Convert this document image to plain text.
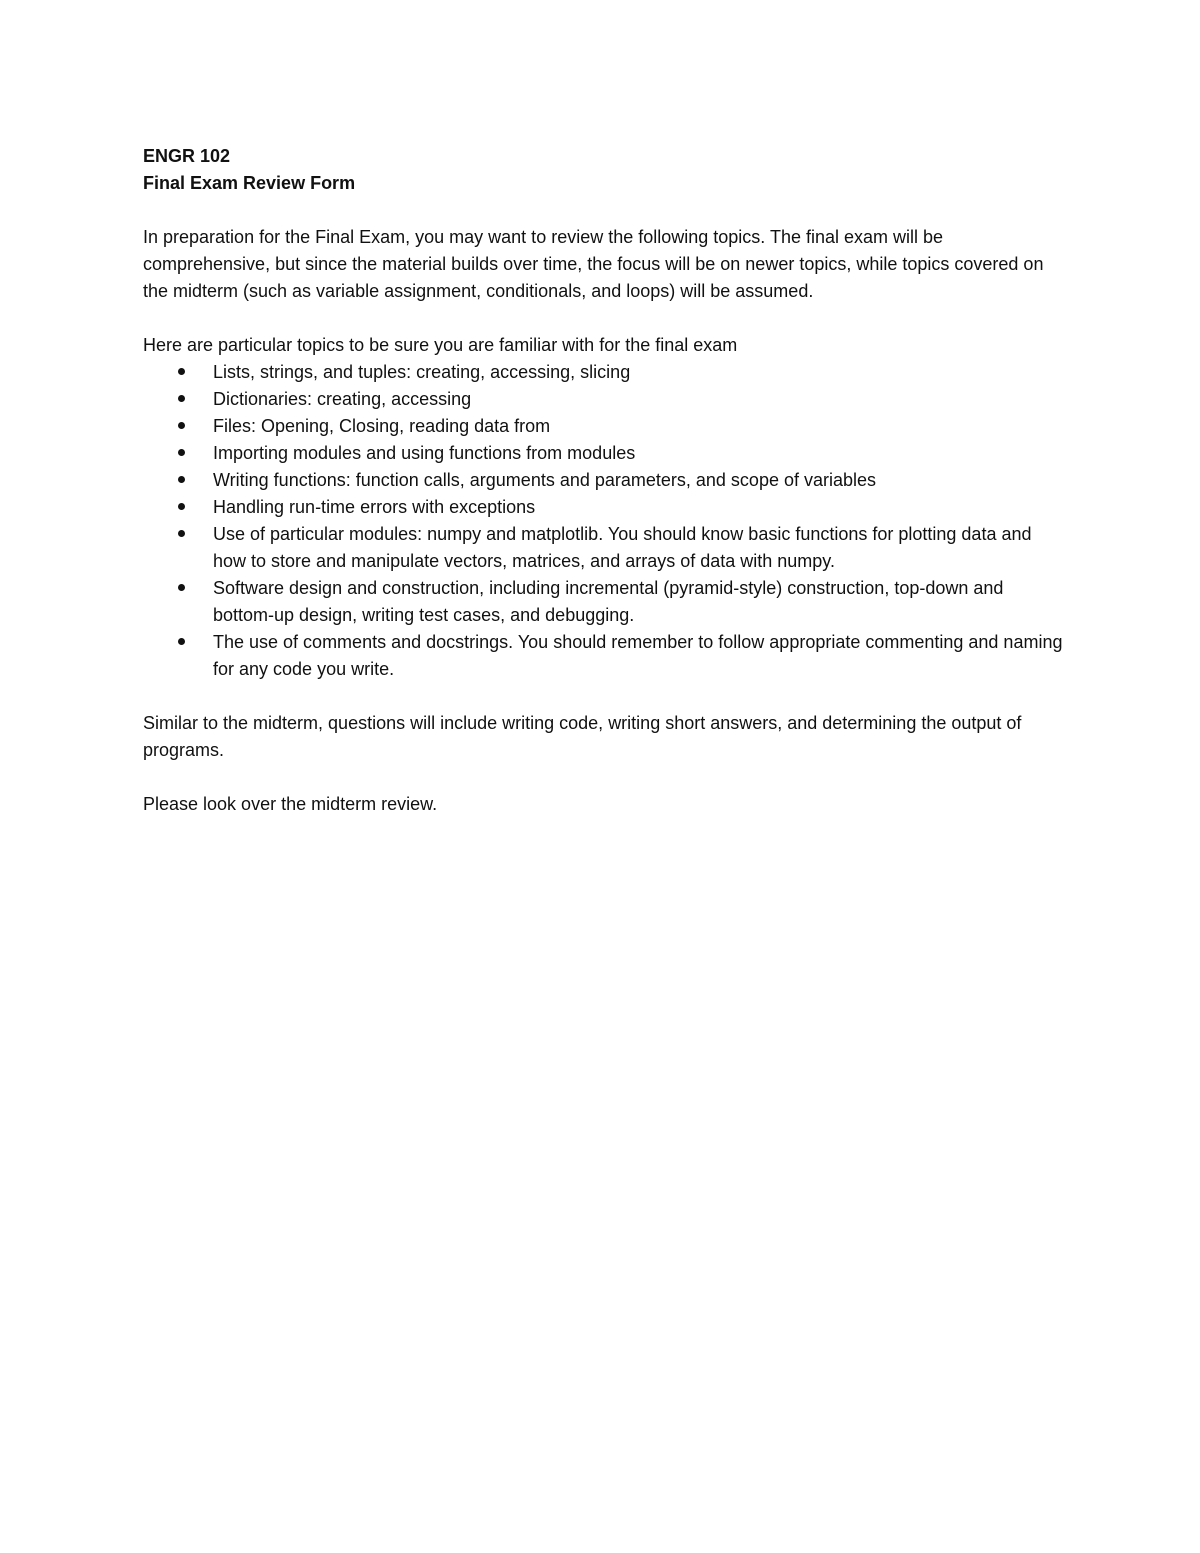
ENGR 102
Final Exam Review Form

In preparation for the Final Exam, you may want to review the following topics. The final exam will be comprehensive, but since the material builds over time, the focus will be on newer topics, while topics covered on the midterm (such as variable assignment, conditionals, and loops) will be assumed.

Here are particular topics to be sure you are familiar with for the final exam
Lists, strings, and tuples: creating, accessing, slicing
Dictionaries: creating, accessing
Files: Opening, Closing, reading data from
Importing modules and using functions from modules
Writing functions: function calls, arguments and parameters, and scope of variables
Handling run-time errors with exceptions
Use of particular modules: numpy and matplotlib. You should know basic functions for plotting data and how to store and manipulate vectors, matrices, and arrays of data with numpy.
Software design and construction, including incremental (pyramid-style) construction, top-down and bottom-up design, writing test cases, and debugging.
The use of comments and docstrings. You should remember to follow appropriate commenting and naming for any code you write.

Similar to the midterm, questions will include writing code, writing short answers, and determining the output of programs.

Please look over the midterm review.
